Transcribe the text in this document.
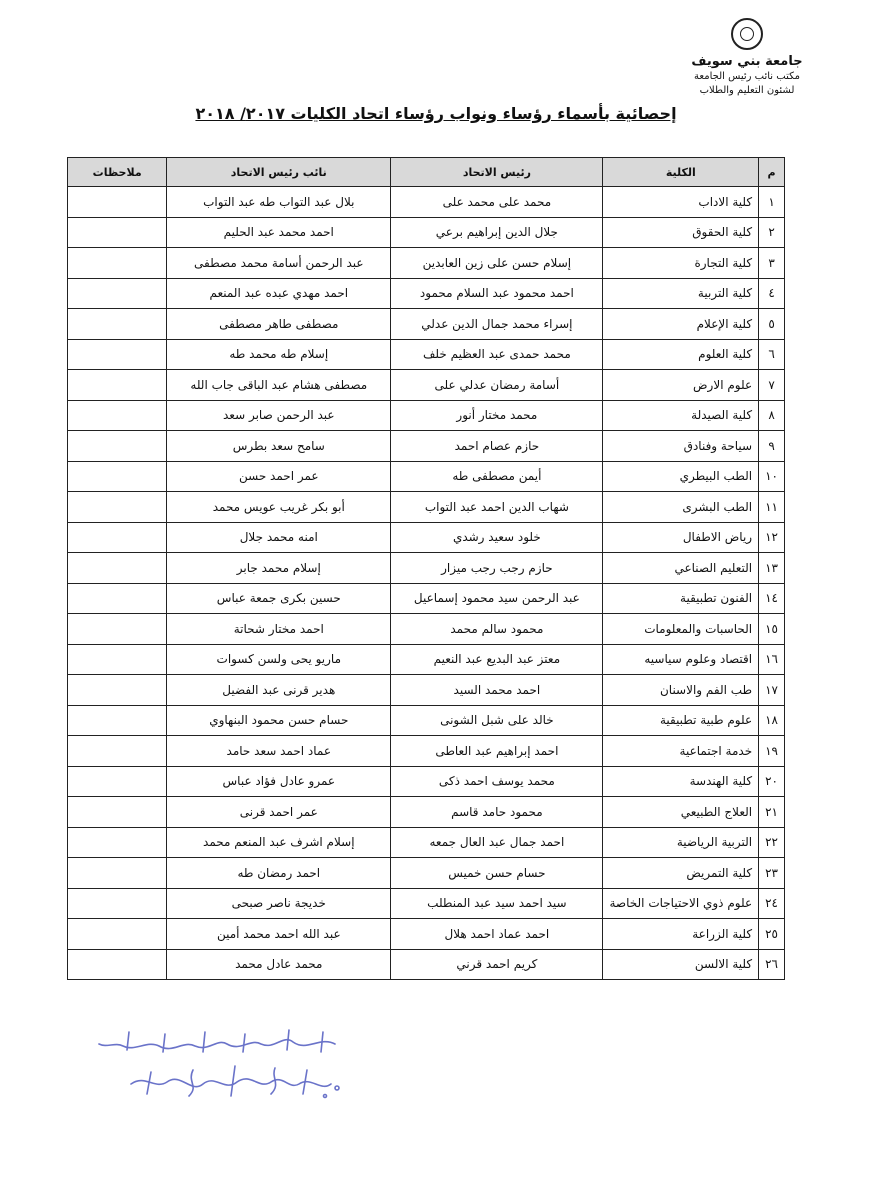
جامعة بني سويف
مكتب نائب رئيس الجامعة
لشئون التعليم والطلاب
إحصائية بأسماء رؤساء ونواب رؤساء اتحاد الكليات ٢٠١٧/ ٢٠١٨
م	الكلية	رئيس الاتحاد	نائب رئيس الاتحاد	ملاحظات
١	كلية الاداب	محمد على محمد على	بلال عبد التواب طه عبد التواب	
٢	كلية الحقوق	جلال الدين إبراهيم برعي	احمد محمد عبد الحليم	
٣	كلية التجارة	إسلام حسن على زين العابدين	عبد الرحمن أسامة محمد مصطفى	
٤	كلية التربية	احمد محمود عبد السلام محمود	احمد مهدي عبده عبد المنعم	
٥	كلية الإعلام	إسراء محمد جمال الدين عدلي	مصطفى طاهر مصطفى	
٦	كلية العلوم	محمد حمدى عبد العظيم خلف	إسلام طه محمد طه	
٧	علوم الارض	أسامة رمضان عدلي على	مصطفى هشام عبد الباقى جاب الله	
٨	كلية الصيدلة	محمد مختار أنور	عبد الرحمن صابر سعد	
٩	سياحة وفنادق	حازم عصام احمد	سامح سعد بطرس	
١٠	الطب البيطري	أيمن مصطفى طه	عمر احمد حسن	
١١	الطب البشرى	شهاب الدين احمد عبد التواب	أبو بكر غريب عويس محمد	
١٢	رياض الاطفال	خلود سعيد رشدي	امنه محمد جلال	
١٣	التعليم الصناعي	حازم رجب رجب ميزار	إسلام محمد جابر	
١٤	الفنون تطبيقية	عبد الرحمن سيد محمود إسماعيل	حسين بكرى جمعة عباس	
١٥	الحاسبات والمعلومات	محمود سالم محمد	احمد مختار شحاتة	
١٦	اقتصاد وعلوم سياسيه	معتز عبد البديع عبد النعيم	ماريو يحى ولسن كسوات	
١٧	طب الفم والاسنان	احمد محمد السيد	هدير قرنى عبد الفضيل	
١٨	علوم طبية تطبيقية	خالد على شبل الشونى	حسام حسن محمود البنهاوي	
١٩	خدمة اجتماعية	احمد إبراهيم عبد العاطى	عماد احمد سعد حامد	
٢٠	كلية الهندسة	محمد يوسف احمد ذكى	عمرو عادل فؤاد عباس	
٢١	العلاج الطبيعي	محمود حامد قاسم	عمر احمد قرنى	
٢٢	التربية الرياضية	احمد جمال عبد العال جمعه	إسلام اشرف عبد المنعم محمد	
٢٣	كلية التمريض	حسام حسن خميس	احمد رمضان طه	
٢٤	علوم ذوي الاحتياجات الخاصة	سيد احمد سيد عبد المنطلب	خديجة ناصر صبحى	
٢٥	كلية الزراعة	احمد عماد احمد هلال	عبد الله احمد محمد أمين	
٢٦	كلية الالسن	كريم احمد قرني	محمد عادل محمد	
